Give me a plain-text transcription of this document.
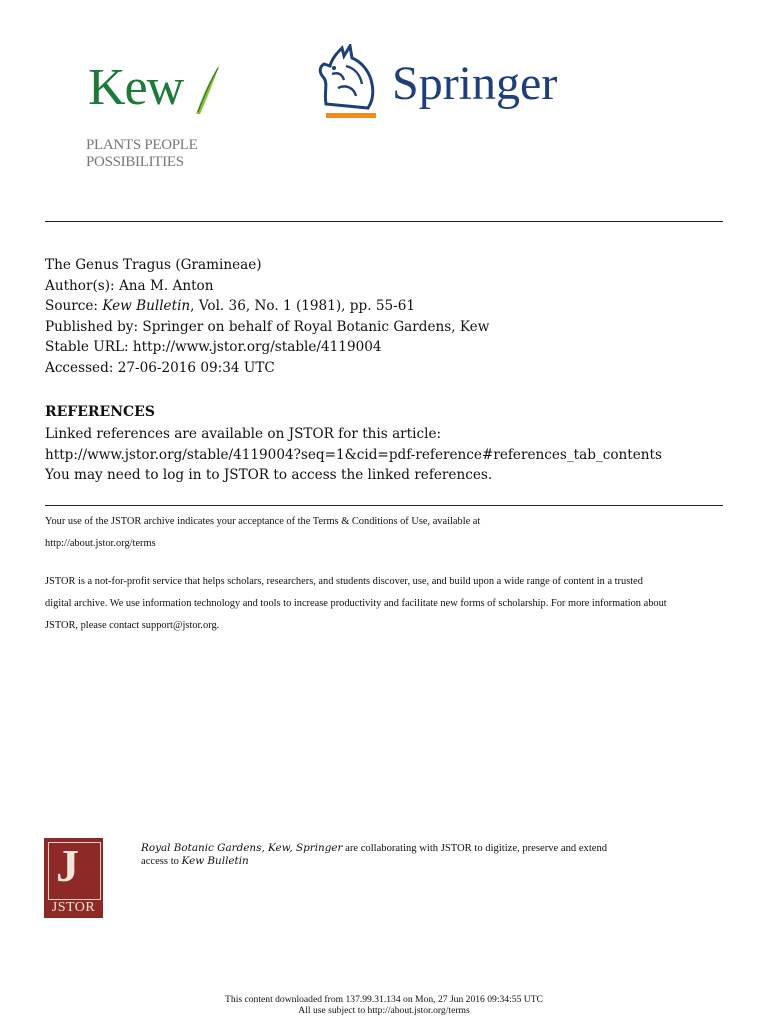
Kew
PLANTS PEOPLE
POSSIBILITIES
Springer
The Genus Tragus (Gramineae)
Author(s): Ana M. Anton
Source: Kew Bulletin, Vol. 36, No. 1 (1981), pp. 55-61
Published by: Springer on behalf of Royal Botanic Gardens, Kew
Stable URL: http://www.jstor.org/stable/4119004
Accessed: 27-06-2016 09:34 UTC
REFERENCES
Linked references are available on JSTOR for this article:
http://www.jstor.org/stable/4119004?seq=1&cid=pdf-reference#references_tab_contents
You may need to log in to JSTOR to access the linked references.
Your use of the JSTOR archive indicates your acceptance of the Terms & Conditions of Use, available at
http://about.jstor.org/terms
JSTOR is a not-for-profit service that helps scholars, researchers, and students discover, use, and build upon a wide range of content in a trusted
digital archive. We use information technology and tools to increase productivity and facilitate new forms of scholarship. For more information about
JSTOR, please contact support@jstor.org.
J
JSTOR
Royal Botanic Gardens, Kew, Springer are collaborating with JSTOR to digitize, preserve and extend
access to Kew Bulletin
This content downloaded from 137.99.31.134 on Mon, 27 Jun 2016 09:34:55 UTC
All use subject to http://about.jstor.org/terms
